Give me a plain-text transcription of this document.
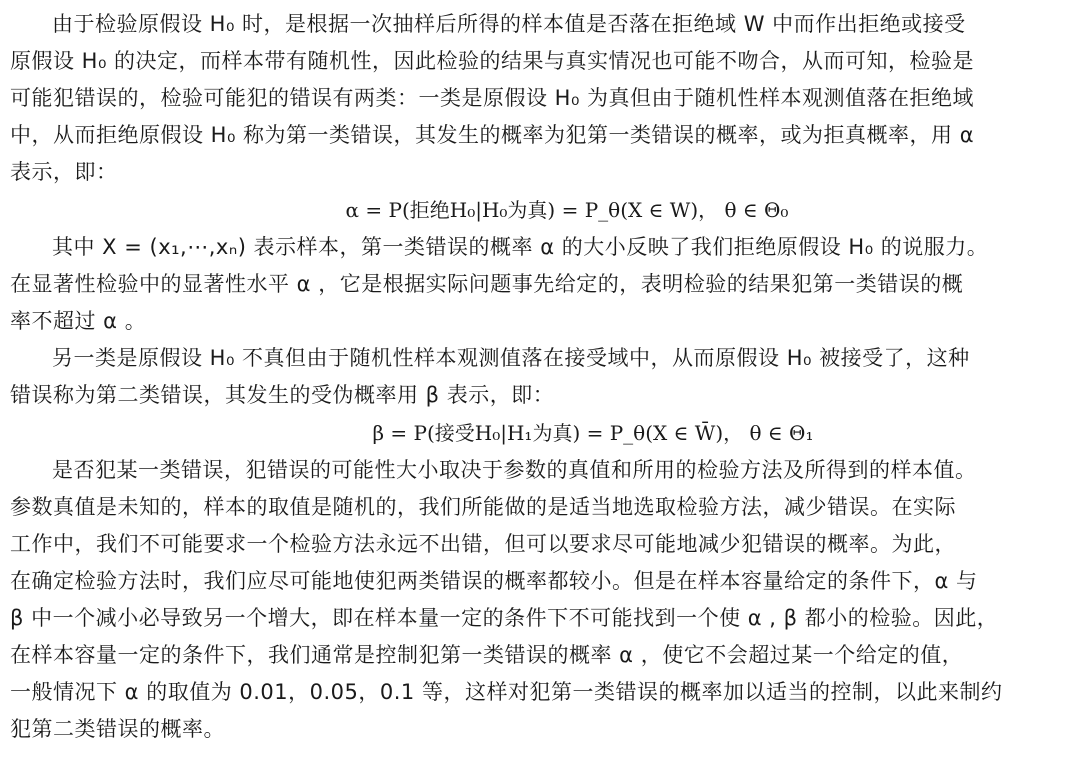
由于检验原假设 H₀ 时，是根据一次抽样后所得的样本值是否落在拒绝域 W 中而作出拒绝或接受
原假设 H₀ 的决定，而样本带有随机性，因此检验的结果与真实情况也可能不吻合，从而可知，检验是
可能犯错误的，检验可能犯的错误有两类：一类是原假设 H₀ 为真但由于随机性样本观测值落在拒绝域
中，从而拒绝原假设 H₀ 称为第一类错误，其发生的概率为犯第一类错误的概率，或为拒真概率，用 α
表示，即：
α = P(拒绝H₀|H₀为真) = P_θ(X ∈ W)， θ ∈ Θ₀
其中 X = (x₁,⋯,xₙ) 表示样本，第一类错误的概率 α 的大小反映了我们拒绝原假设 H₀ 的说服力。
在显著性检验中的显著性水平 α ，它是根据实际问题事先给定的，表明检验的结果犯第一类错误的概
率不超过 α 。
另一类是原假设 H₀ 不真但由于随机性样本观测值落在接受域中，从而原假设 H₀ 被接受了，这种
错误称为第二类错误，其发生的受伪概率用 β 表示，即：
β = P(接受H₀|H₁为真) = P_θ(X ∈ W̄)， θ ∈ Θ₁
是否犯某一类错误，犯错误的可能性大小取决于参数的真值和所用的检验方法及所得到的样本值。
参数真值是未知的，样本的取值是随机的，我们所能做的是适当地选取检验方法，减少错误。在实际
工作中，我们不可能要求一个检验方法永远不出错，但可以要求尽可能地减少犯错误的概率。为此，
在确定检验方法时，我们应尽可能地使犯两类错误的概率都较小。但是在样本容量给定的条件下，α 与
β 中一个减小必导致另一个增大，即在样本量一定的条件下不可能找到一个使 α , β 都小的检验。因此，
在样本容量一定的条件下，我们通常是控制犯第一类错误的概率 α ，使它不会超过某一个给定的值，
一般情况下 α 的取值为 0.01，0.05，0.1 等，这样对犯第一类错误的概率加以适当的控制，以此来制约
犯第二类错误的概率。
